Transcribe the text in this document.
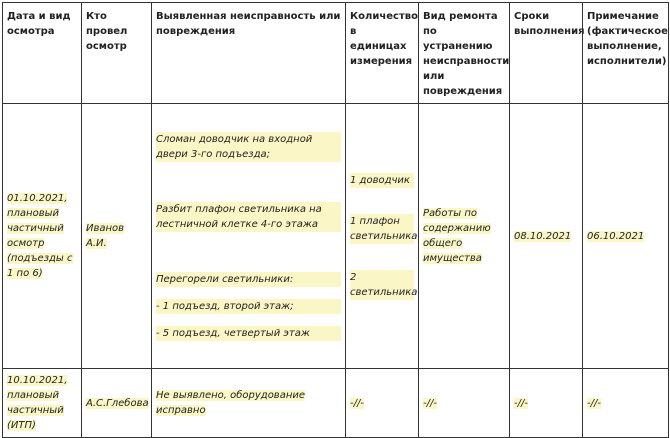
Дата и вид осмотра	Кто провел осмотр	Выявленная неисправность или повреждения	Количество в единицах измерения	Вид ремонта по устранению неисправности или повреждения	Сроки выполнения	Примечание (фактическое выполнение, исполнители)
01.10.2021, плановый частичный осмотр (подъезды с 1 по 6)	Иванов А.И.	Сломан доводчик на входной двери 3-го подъезда;
Разбит плафон светильника на лестничной клетке 4-го этажа
Перегорели светильники:
- 1 подъезд, второй этаж;
- 5 подъезд, четвертый этаж	1 доводчик
1 плафон светильника
2 светильника	Работы по содержанию общего имущества	08.10.2021	06.10.2021
10.10.2021, плановый частичный (ИТП)	А.С.Глебова	Не выявлено, оборудование исправно	-//-	-//-	-//-	-//-
